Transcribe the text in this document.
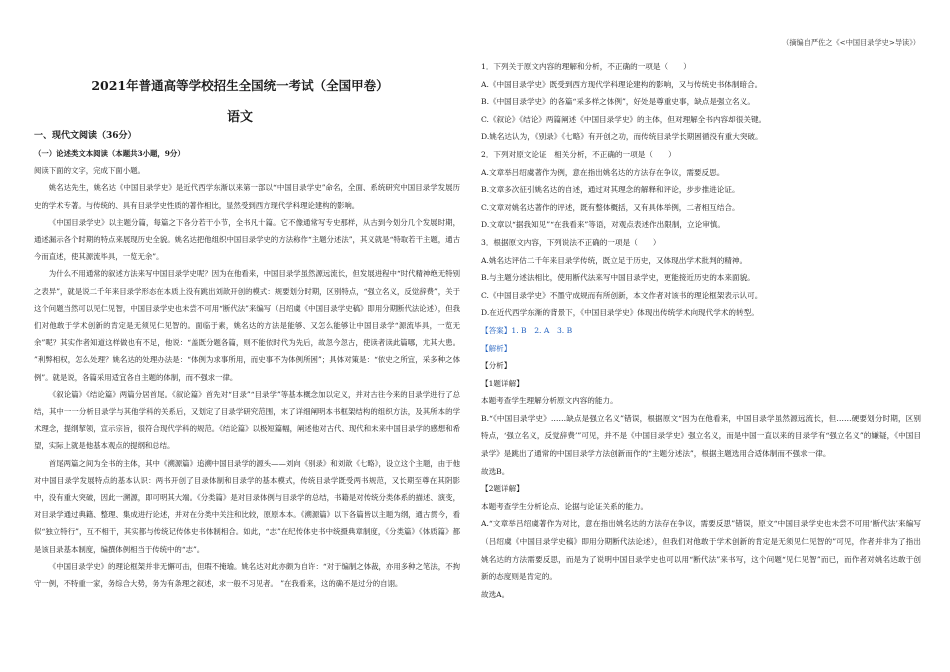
2021年普通高等学校招生全国统一考试（全国甲卷）
语文
（摘编自严佐之《<中国目录学史>导读》）
一、现代文阅读（36分）

（一）论述类文本阅读（本题共3小题，9分）

阅读下面的文字，完成下面小题。

姚名达先生，姚名达《中国目录学史》是近代西学东渐以来第一部以“中国目录学史”命名，全面、系统研究中国目录学发展历史的学术专著。与传统的、具有目录学史性质的著作相比，显然受到西方现代学科理论建构的影响。

《中国目录学史》以主题分篇，每篇之下各分若干小节，全书凡十篇。它不像通常写专史那样，从古到今划分几个发展时期，通述漏示各个时期的特点来展现历史全貌。姚名达把他组织中国目录学史的方法称作“主题分述法”，其义就是“特取若干主题，通古今而直述，使其源流毕具，一览无余”。

为什么不用通常的叙述方法来写中国目录学史呢？因为在他看来，中国目录学虽然源远流长，但发展进程中“时代精神绝无特别之表异”，就是说二千年来目录学形态在本质上没有跳出刘歆开创的模式：规要划分时期，区别特点，“强立名义，反觉辞费”，关于这个问题当然可以见仁见智，中国目录学史也未尝不可用“断代法”来编写（吕绍虞《中国目录学史稿》即用分期断代法论述），但我们对他敢于学术创新的肯定是无须见仁见智的。面临于素，姚名达的方法是能够、又怎么能够让中国目录学“源流毕具，一览无余”呢？其实作者知道这样做也有不足，他说：“盖既分题各篇，则不能依时代为先后，故忽今忽古，使读者读此篇哪，尤其大患。 ”利弊相权，怎么处理？姚名达的处理办法是：“体例为求事所用，而史事不为体例所困”；具体对策是：“依史之所宜，采多种之体例”。就是说，各篇采用适宜各自主题的体制，而不强求一律。

《叙论篇》《结论篇》两篇分居首尾。《叙论篇》首先对“目录”“目录学”等基本概念加以定义，并对古往今来的目录学进行了总结，其中一一分析目录学与其他学科的关系后，又划定了目录学研究范围，末了详细阐明本书框架结构的组织方法，及其所本的学术理念，提纲挈领，宣示宗旨，很符合现代学科的规范。《结论篇》以极短篇幅，阐述他对古代、现代和未来中国目录学的感想和希望，实际上就是他基本观点的提纲和总结。

首尾两篇之间为全书的主体，其中《溯源篇》追溯中国目录学的源头——刘向《别录》和刘歆《七略》，设立这个主题，由于他对中国目录学发展特点的基本认识：两书开创了目录体制和目录学的基本模式，传统目录学既受两书规范，又长期至尊在其阴影中，没有重大突破，因此一溯源，即可明其大端。《分类篇》是对目录体例与目录学的总结，书籍是对传统分类体系的描述、演变，对目录学通过典籍、整理、集成进行论述，并对在分类中关注和比较，原原本本。《溯源篇》以下各篇皆以主题为纲，通古贯今，看似“独立特行”，互不相干，其实都与传统记传体史书体制相合。如此，“志”在纪传体史书中统摄典章制度，《分类篇》《体质篇》都是该目录基本制度，编撰体例相当于传统中的“志”。

《中国目录学史》的理论框架并非无懈可击，但瑕不掩瑜。姚名达对此亦颇为自许：“对于编制之体裁，亦用多种之笔法，不拘守一例，不特重一家，务综合大势，务为有条理之叙述，求一般不习见者。 ”在我看来，这的确不是过分的自诩。

1．下列关于原文内容的理解和分析，不正确的一项是（　　）

A.《中国目录学史》既受到西方现代学科理论建构的影响，又与传统史书体制暗合。

B.《中国目录学史》的各篇“采多样之体例”，好处是尊重史事，缺点是强立名义。

C.《叙论》《结论》两篇阐述《中国目录学史》的主体，但对理解全书内容却很关键。

D.姚名达认为，《别录》《七略》有开创之功，而传统目录学长期困循没有重大突破。

2．下列对原文论证　相关分析，不正确的一项是（　　）

A.文章举吕绍虞著作为例，意在指出姚名达的方法存在争议，需要反思。

B.文章多次征引姚名达的自述，通过对其理念的解释和评论，步步推进论证。

C.文章对姚名达著作的评述，既有整体概括，又有具体举例，二者相互结合。

D.文章以“据我知见”“在我看来”等语，对观点表述作出限制，立论审慎。

3．根据原文内容，下列说法不正确的一项是（　　）

A.姚名达评估二千年来目录学传统，既立足于历史，又体现出学术批判的精神。

B.与主题分述法相比，使用断代法来写中国目录学史，更能接近历史的本来面貌。

C.《中国目录学史》不墨守成规而有所创新，本文作者对该书的理论框架表示认可。

D.在近代西学东渐的背景下，《中国目录学史》体现出传统学术向现代学术的转型。

【答案】1. B　2. A　3. B

【解析】

【分析】

【1题详解】

本题考查学生理解分析原文内容的能力。

B.“《中国目录学史》……缺点是强立名义”错误，根据原文“因为在他看来，中国目录学虽然源远流长，但……硬要划分时期，区别特点，‘强立名义，反觉辞费’”可见，并不是《中国目录学史》强立名义，而是中国一直以来的目录学有“强立名义”的嫌疑，《中国目录学》是跳出了通常的中国目录学方法创新而作的“主题分述法”，根据主题选用合适体制而不强求一律。

故选B。

【2题详解】

本题考查学生分析论点、论据与论证关系的能力。

A.“文章举吕绍虞著作为对比，意在指出姚名达的方法存在争议，需要反思”错误，原文“中国目录学史也未尝不可用‘断代法’来编写（吕绍虞《中国目录学史稿》即用分期断代法论述），但我们对他敢于学术创新的肯定是无须见仁见智的”可见，作者并非为了指出姚名达的方法需要反思，而是为了说明中国目录学史也可以用“断代法”来书写，这个问题“见仁见智”而已，而作者对姚名达敢于创新的态度则是肯定的。

故选A。
